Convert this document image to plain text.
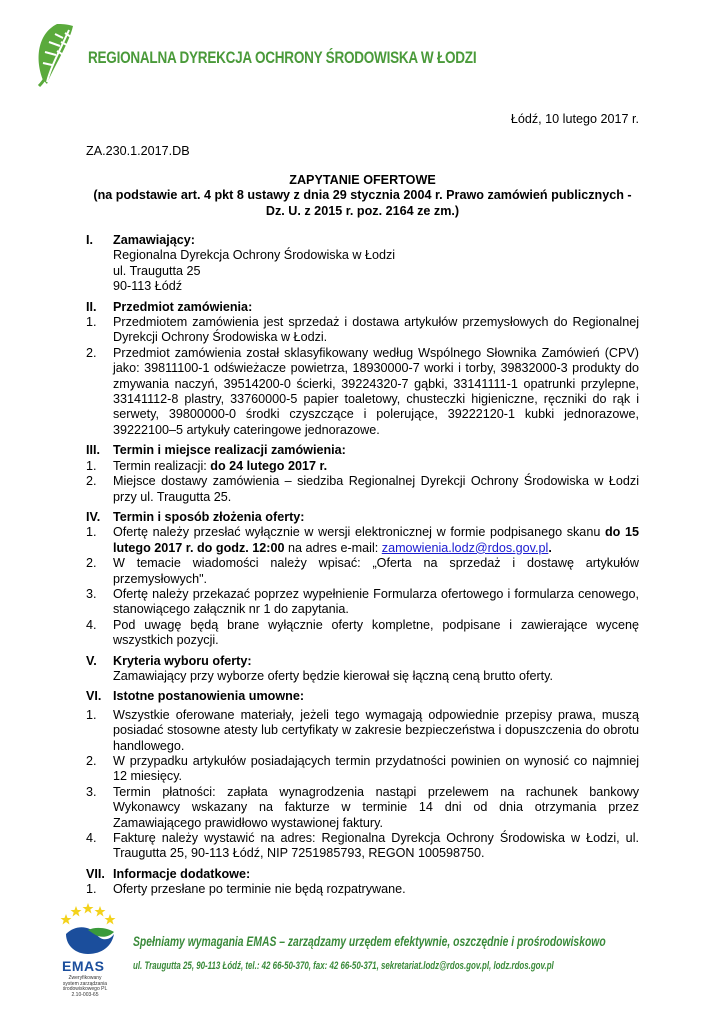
REGIONALNA DYREKCJA OCHRONY ŚRODOWISKA W ŁODZI
Łódź, 10 lutego 2017 r.
ZA.230.1.2017.DB
ZAPYTANIE OFERTOWE
(na podstawie art. 4 pkt 8 ustawy z dnia 29 stycznia 2004 r. Prawo zamówień publicznych - Dz. U. z 2015 r. poz. 2164 ze zm.)
I.	Zamawiający:
Regionalna Dyrekcja Ochrony Środowiska w Łodzi
ul. Traugutta 25
90-113 Łódź
II.	Przedmiot zamówienia:
1.	Przedmiotem zamówienia jest sprzedaż i dostawa artykułów przemysłowych do Regionalnej Dyrekcji Ochrony Środowiska w Łodzi.
2.	Przedmiot zamówienia został sklasyfikowany według Wspólnego Słownika Zamówień (CPV) jako: 39811100-1 odświeżacze powietrza, 18930000-7 worki i torby, 39832000-3 produkty do zmywania naczyń, 39514200-0 ścierki, 39224320-7 gąbki, 33141111-1 opatrunki przylepne, 33141112-8 plastry, 33760000-5 papier toaletowy, chusteczki higieniczne, ręczniki do rąk i serwety, 39800000-0 środki czyszczące i polerujące, 39222120-1 kubki jednorazowe, 39222100–5 artykuły cateringowe jednorazowe.
III.	Termin i miejsce realizacji zamówienia:
1.	Termin realizacji: do 24 lutego 2017 r.
2.	Miejsce dostawy zamówienia – siedziba Regionalnej Dyrekcji Ochrony Środowiska w Łodzi przy ul. Traugutta 25.
IV.	Termin i sposób złożenia oferty:
1.	Ofertę należy przesłać wyłącznie w wersji elektronicznej w formie podpisanego skanu do 15 lutego 2017 r. do godz. 12:00 na adres e-mail: zamowienia.lodz@rdos.gov.pl.
2.	W temacie wiadomości należy wpisać: „Oferta na sprzedaż i dostawę artykułów przemysłowych".
3.	Ofertę należy przekazać poprzez wypełnienie Formularza ofertowego i formularza cenowego, stanowiącego załącznik nr 1 do zapytania.
4.	Pod uwagę będą brane wyłącznie oferty kompletne, podpisane i zawierające wycenę wszystkich pozycji.
V.	Kryteria wyboru oferty:
Zamawiający przy wyborze oferty będzie kierował się łączną ceną brutto oferty.
VI. Istotne postanowienia umowne:
1.	Wszystkie oferowane materiały, jeżeli tego wymagają odpowiednie przepisy prawa, muszą posiadać stosowne atesty lub certyfikaty w zakresie bezpieczeństwa i dopuszczenia do obrotu handlowego.
2.	W przypadku artykułów posiadających termin przydatności powinien on wynosić co najmniej 12 miesięcy.
3.	Termin płatności: zapłata wynagrodzenia nastąpi przelewem na rachunek bankowy Wykonawcy wskazany na fakturze w terminie 14 dni od dnia otrzymania przez Zamawiającego prawidłowo wystawionej faktury.
4.	Fakturę należy wystawić na adres: Regionalna Dyrekcja Ochrony Środowiska w Łodzi, ul. Traugutta 25, 90-113 Łódź, NIP 7251985793, REGON 100598750.
VII. Informacje dodatkowe:
1.	Oferty przesłane po terminie nie będą rozpatrywane.
EMAS
Zweryfikowany system zarządzania środowiskowego PL 2.10-003-65
Spełniamy wymagania EMAS – zarządzamy urzędem efektywnie, oszczędnie i prośrodowiskowo
ul. Traugutta 25, 90-113 Łódź, tel.: 42 66-50-370, fax: 42 66-50-371, sekretariat.lodz@rdos.gov.pl, lodz.rdos.gov.pl
